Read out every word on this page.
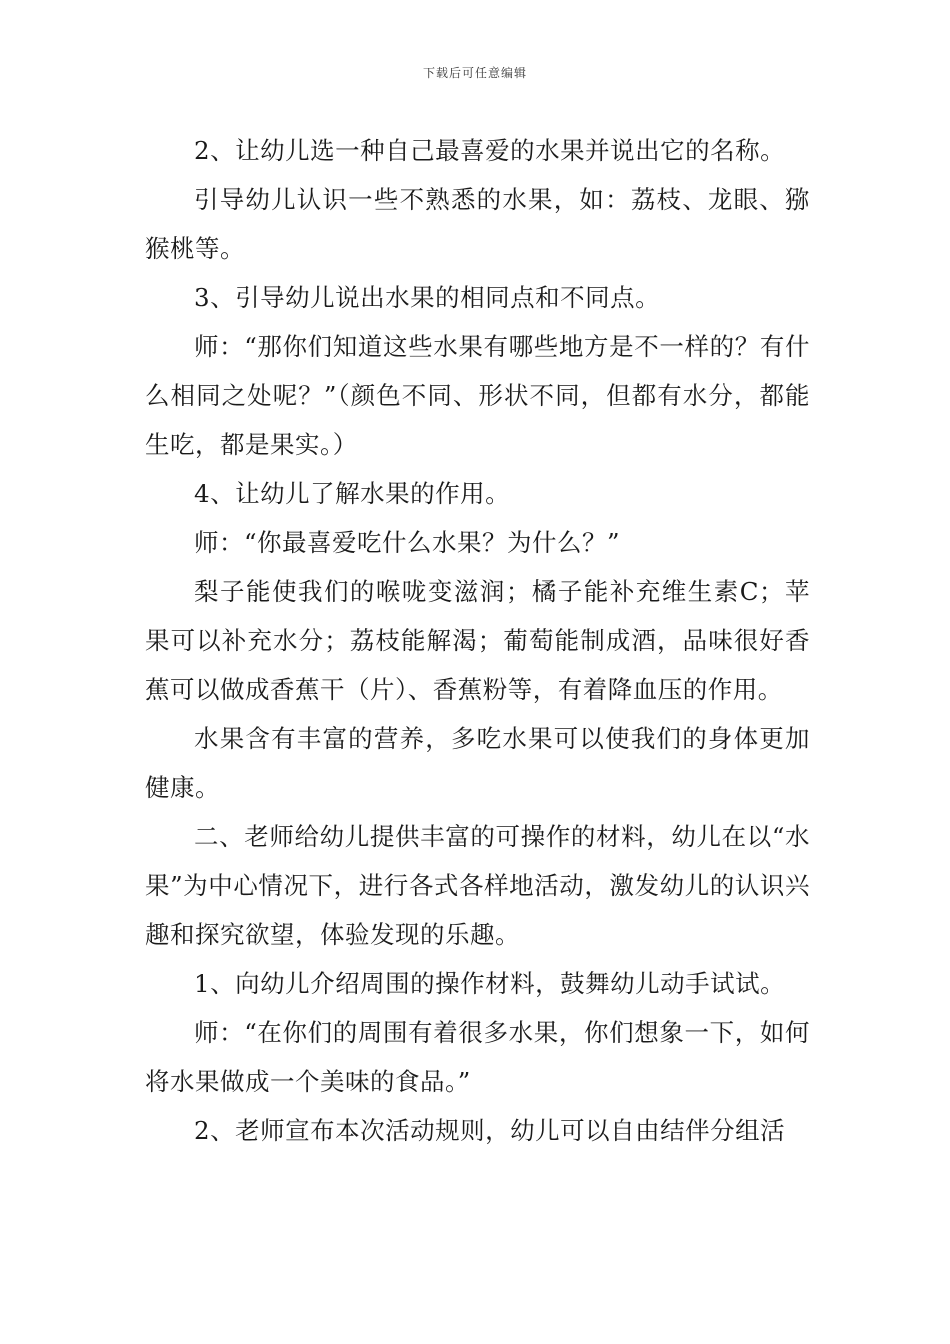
下载后可任意编辑

2、让幼儿选一种自己最喜爱的水果并说出它的名称。

引导幼儿认识一些不熟悉的水果，如：荔枝、龙眼、猕猴桃等。

3、引导幼儿说出水果的相同点和不同点。

师：“那你们知道这些水果有哪些地方是不一样的？有什么相同之处呢？”（颜色不同、形状不同，但都有水分，都能生吃，都是果实。）

4、让幼儿了解水果的作用。

师：“你最喜爱吃什么水果？为什么？”

梨子能使我们的喉咙变滋润；橘子能补充维生素C；苹果可以补充水分；荔枝能解渴；葡萄能制成酒，品味很好香蕉可以做成香蕉干（片）、香蕉粉等，有着降血压的作用。

水果含有丰富的营养，多吃水果可以使我们的身体更加健康。

二、老师给幼儿提供丰富的可操作的材料，幼儿在以“水果”为中心情况下，进行各式各样地活动，激发幼儿的认识兴趣和探究欲望，体验发现的乐趣。

1、向幼儿介绍周围的操作材料，鼓舞幼儿动手试试。

师：“在你们的周围有着很多水果，你们想象一下，如何将水果做成一个美味的食品。”

2、老师宣布本次活动规则，幼儿可以自由结伴分组活
